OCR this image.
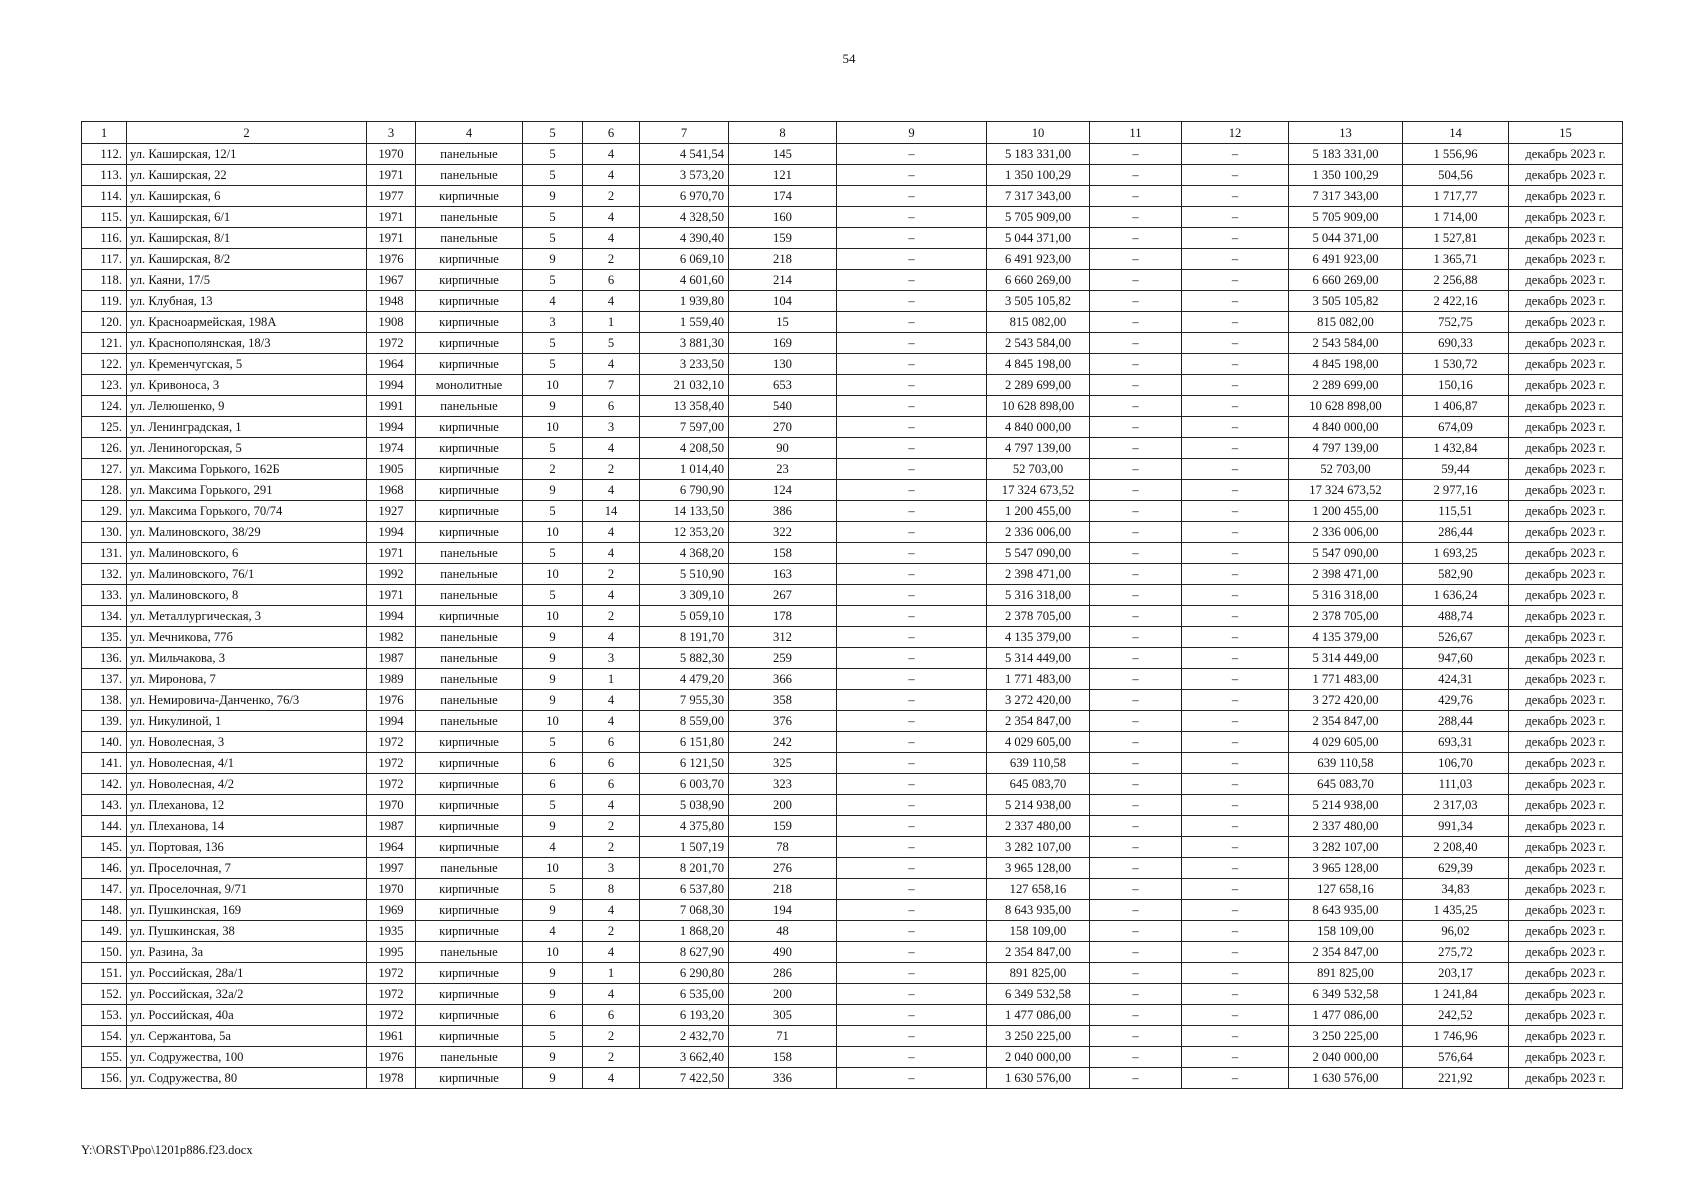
54
1	2	3	4	5	6	7	8	9	10	11	12	13	14	15
112.	ул. Каширская, 12/1	1970	панельные	5	4	4 541,54	145	–	5 183 331,00	–	–	5 183 331,00	1 556,96	декабрь 2023 г.
113.	ул. Каширская, 22	1971	панельные	5	4	3 573,20	121	–	1 350 100,29	–	–	1 350 100,29	504,56	декабрь 2023 г.
114.	ул. Каширская, 6	1977	кирпичные	9	2	6 970,70	174	–	7 317 343,00	–	–	7 317 343,00	1 717,77	декабрь 2023 г.
115.	ул. Каширская, 6/1	1971	панельные	5	4	4 328,50	160	–	5 705 909,00	–	–	5 705 909,00	1 714,00	декабрь 2023 г.
116.	ул. Каширская, 8/1	1971	панельные	5	4	4 390,40	159	–	5 044 371,00	–	–	5 044 371,00	1 527,81	декабрь 2023 г.
117.	ул. Каширская, 8/2	1976	кирпичные	9	2	6 069,10	218	–	6 491 923,00	–	–	6 491 923,00	1 365,71	декабрь 2023 г.
118.	ул. Каяни, 17/5	1967	кирпичные	5	6	4 601,60	214	–	6 660 269,00	–	–	6 660 269,00	2 256,88	декабрь 2023 г.
119.	ул. Клубная, 13	1948	кирпичные	4	4	1 939,80	104	–	3 505 105,82	–	–	3 505 105,82	2 422,16	декабрь 2023 г.
120.	ул. Красноармейская, 198А	1908	кирпичные	3	1	1 559,40	15	–	815 082,00	–	–	815 082,00	752,75	декабрь 2023 г.
121.	ул. Краснополянская, 18/3	1972	кирпичные	5	5	3 881,30	169	–	2 543 584,00	–	–	2 543 584,00	690,33	декабрь 2023 г.
122.	ул. Кременчугская, 5	1964	кирпичные	5	4	3 233,50	130	–	4 845 198,00	–	–	4 845 198,00	1 530,72	декабрь 2023 г.
123.	ул. Кривоноса, 3	1994	монолитные	10	7	21 032,10	653	–	2 289 699,00	–	–	2 289 699,00	150,16	декабрь 2023 г.
124.	ул. Лелюшенко, 9	1991	панельные	9	6	13 358,40	540	–	10 628 898,00	–	–	10 628 898,00	1 406,87	декабрь 2023 г.
125.	ул. Ленинградская, 1	1994	кирпичные	10	3	7 597,00	270	–	4 840 000,00	–	–	4 840 000,00	674,09	декабрь 2023 г.
126.	ул. Лениногорская, 5	1974	кирпичные	5	4	4 208,50	90	–	4 797 139,00	–	–	4 797 139,00	1 432,84	декабрь 2023 г.
127.	ул. Максима Горького, 162Б	1905	кирпичные	2	2	1 014,40	23	–	52 703,00	–	–	52 703,00	59,44	декабрь 2023 г.
128.	ул. Максима Горького, 291	1968	кирпичные	9	4	6 790,90	124	–	17 324 673,52	–	–	17 324 673,52	2 977,16	декабрь 2023 г.
129.	ул. Максима Горького, 70/74	1927	кирпичные	5	14	14 133,50	386	–	1 200 455,00	–	–	1 200 455,00	115,51	декабрь 2023 г.
130.	ул. Малиновского, 38/29	1994	кирпичные	10	4	12 353,20	322	–	2 336 006,00	–	–	2 336 006,00	286,44	декабрь 2023 г.
131.	ул. Малиновского, 6	1971	панельные	5	4	4 368,20	158	–	5 547 090,00	–	–	5 547 090,00	1 693,25	декабрь 2023 г.
132.	ул. Малиновского, 76/1	1992	панельные	10	2	5 510,90	163	–	2 398 471,00	–	–	2 398 471,00	582,90	декабрь 2023 г.
133.	ул. Малиновского, 8	1971	панельные	5	4	3 309,10	267	–	5 316 318,00	–	–	5 316 318,00	1 636,24	декабрь 2023 г.
134.	ул. Металлургическая, 3	1994	кирпичные	10	2	5 059,10	178	–	2 378 705,00	–	–	2 378 705,00	488,74	декабрь 2023 г.
135.	ул. Мечникова, 77б	1982	панельные	9	4	8 191,70	312	–	4 135 379,00	–	–	4 135 379,00	526,67	декабрь 2023 г.
136.	ул. Мильчакова, 3	1987	панельные	9	3	5 882,30	259	–	5 314 449,00	–	–	5 314 449,00	947,60	декабрь 2023 г.
137.	ул. Миронова, 7	1989	панельные	9	1	4 479,20	366	–	1 771 483,00	–	–	1 771 483,00	424,31	декабрь 2023 г.
138.	ул. Немировича-Данченко, 76/3	1976	панельные	9	4	7 955,30	358	–	3 272 420,00	–	–	3 272 420,00	429,76	декабрь 2023 г.
139.	ул. Никулиной, 1	1994	панельные	10	4	8 559,00	376	–	2 354 847,00	–	–	2 354 847,00	288,44	декабрь 2023 г.
140.	ул. Новолесная, 3	1972	кирпичные	5	6	6 151,80	242	–	4 029 605,00	–	–	4 029 605,00	693,31	декабрь 2023 г.
141.	ул. Новолесная, 4/1	1972	кирпичные	6	6	6 121,50	325	–	639 110,58	–	–	639 110,58	106,70	декабрь 2023 г.
142.	ул. Новолесная, 4/2	1972	кирпичные	6	6	6 003,70	323	–	645 083,70	–	–	645 083,70	111,03	декабрь 2023 г.
143.	ул. Плеханова, 12	1970	кирпичные	5	4	5 038,90	200	–	5 214 938,00	–	–	5 214 938,00	2 317,03	декабрь 2023 г.
144.	ул. Плеханова, 14	1987	кирпичные	9	2	4 375,80	159	–	2 337 480,00	–	–	2 337 480,00	991,34	декабрь 2023 г.
145.	ул. Портовая, 136	1964	кирпичные	4	2	1 507,19	78	–	3 282 107,00	–	–	3 282 107,00	2 208,40	декабрь 2023 г.
146.	ул. Проселочная, 7	1997	панельные	10	3	8 201,70	276	–	3 965 128,00	–	–	3 965 128,00	629,39	декабрь 2023 г.
147.	ул. Проселочная, 9/71	1970	кирпичные	5	8	6 537,80	218	–	127 658,16	–	–	127 658,16	34,83	декабрь 2023 г.
148.	ул. Пушкинская, 169	1969	кирпичные	9	4	7 068,30	194	–	8 643 935,00	–	–	8 643 935,00	1 435,25	декабрь 2023 г.
149.	ул. Пушкинская, 38	1935	кирпичные	4	2	1 868,20	48	–	158 109,00	–	–	158 109,00	96,02	декабрь 2023 г.
150.	ул. Разина, 3а	1995	панельные	10	4	8 627,90	490	–	2 354 847,00	–	–	2 354 847,00	275,72	декабрь 2023 г.
151.	ул. Российская, 28а/1	1972	кирпичные	9	1	6 290,80	286	–	891 825,00	–	–	891 825,00	203,17	декабрь 2023 г.
152.	ул. Российская, 32а/2	1972	кирпичные	9	4	6 535,00	200	–	6 349 532,58	–	–	6 349 532,58	1 241,84	декабрь 2023 г.
153.	ул. Российская, 40а	1972	кирпичные	6	6	6 193,20	305	–	1 477 086,00	–	–	1 477 086,00	242,52	декабрь 2023 г.
154.	ул. Сержантова, 5а	1961	кирпичные	5	2	2 432,70	71	–	3 250 225,00	–	–	3 250 225,00	1 746,96	декабрь 2023 г.
155.	ул. Содружества, 100	1976	панельные	9	2	3 662,40	158	–	2 040 000,00	–	–	2 040 000,00	576,64	декабрь 2023 г.
156.	ул. Содружества, 80	1978	кирпичные	9	4	7 422,50	336	–	1 630 576,00	–	–	1 630 576,00	221,92	декабрь 2023 г.
Y:\ORST\Ppo\1201p886.f23.docx
